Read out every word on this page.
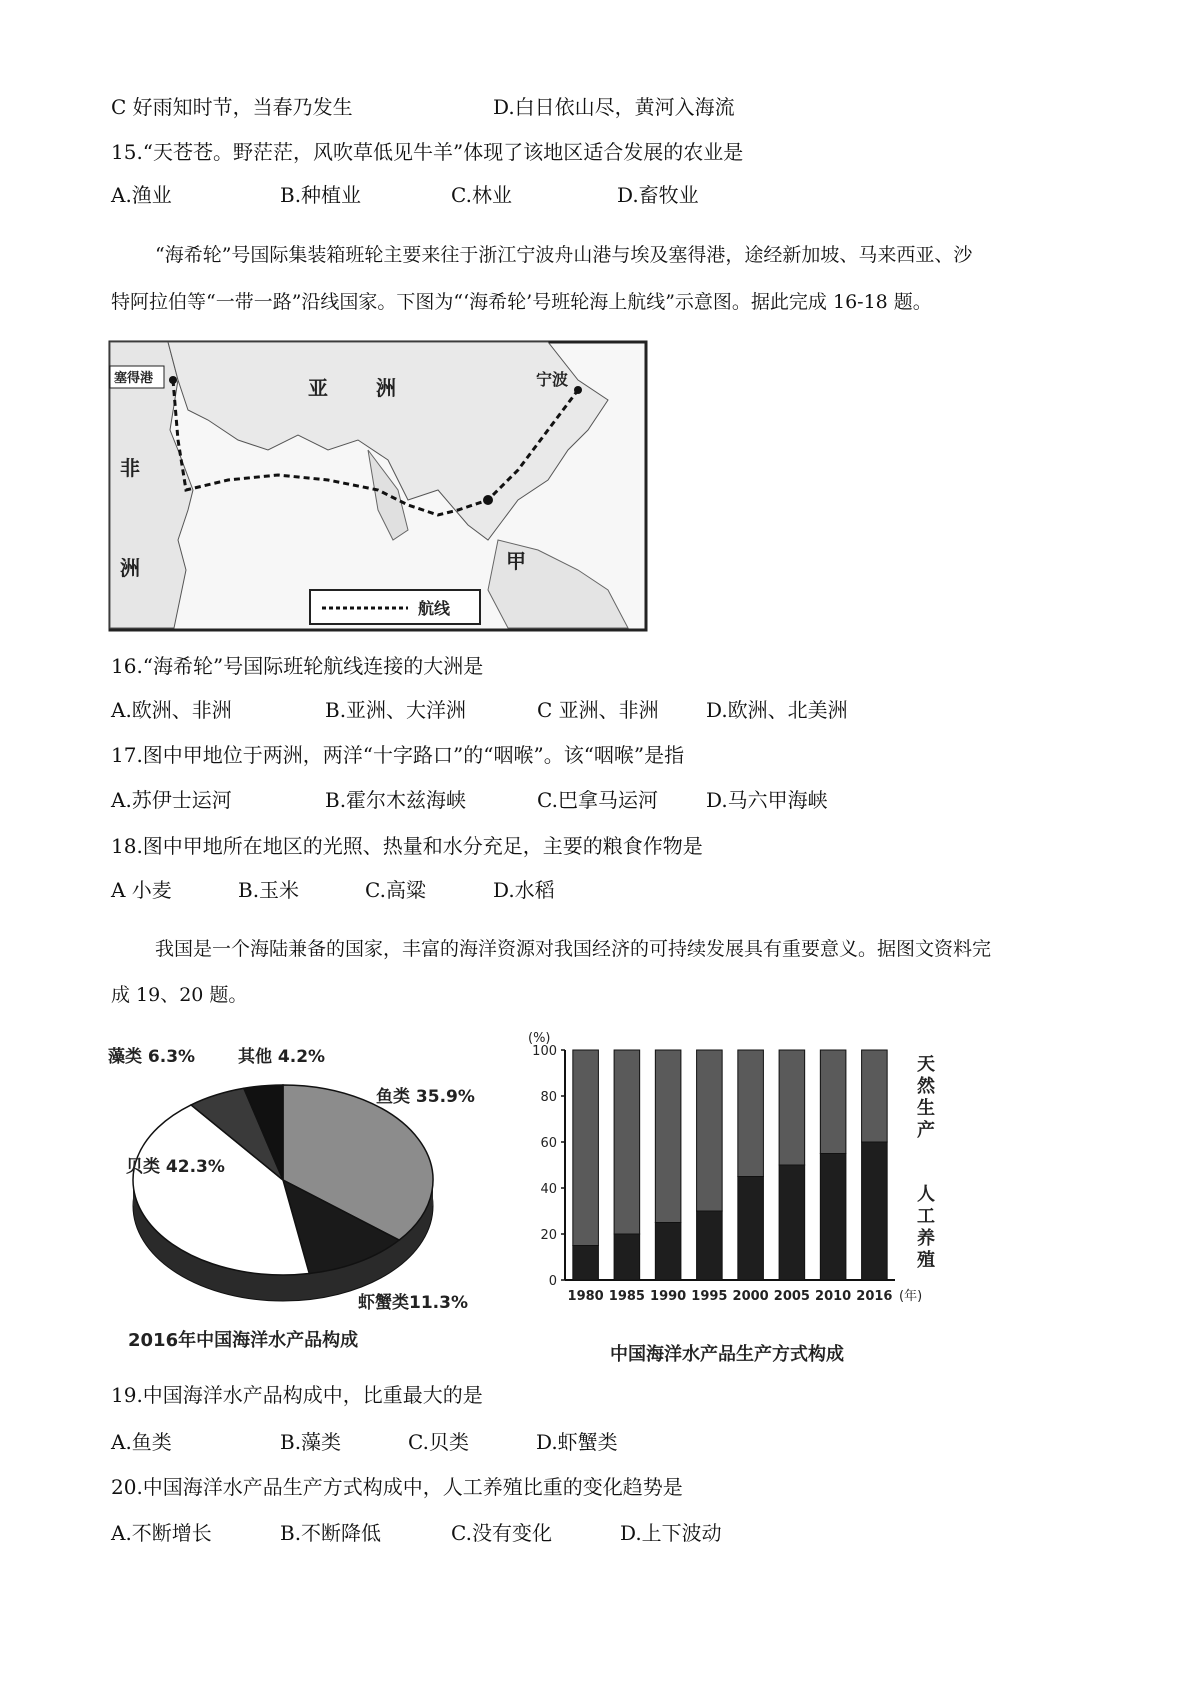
C 好雨知时节，当春乃发生	D.白日依山尽，黄河入海流
15.“天苍苍。野茫茫，风吹草低见牛羊”体现了该地区适合发展的农业是
A.渔业	B.种植业	C.林业	D.畜牧业
“海希轮”号国际集装箱班轮主要来往于浙江宁波舟山港与埃及塞得港，途经新加坡、马来西亚、沙
特阿拉伯等“一带一路”沿线国家。下图为“‘海希轮’号班轮海上航线”示意图。据此完成 16-18 题。
塞得港	亚 洲	宁波
非
洲	甲
航线
16.“海希轮”号国际班轮航线连接的大洲是
A.欧洲、非洲	B.亚洲、大洋洲	C 亚洲、非洲 D.欧洲、北美洲
17.图中甲地位于两洲，两洋“十字路口”的“咽喉”。该“咽喉”是指
A.苏伊士运河	B.霍尔木兹海峡	C.巴拿马运河 D.马六甲海峡
18.图中甲地所在地区的光照、热量和水分充足，主要的粮食作物是
A 小麦	B.玉米	C.高粱	D.水稻
我国是一个海陆兼备的国家，丰富的海洋资源对我国经济的可持续发展具有重要意义。据图文资料完
成 19、20 题。
鱼类 35.9%
虾蟹类11.3%
贝类 42.3%
藻类 6.3%	其他 4.2%
2016年中国海洋水产品构成
(%)
0
20
40
60
80
100
1980 1985 1990 1995 2000 2005 2010 2016 (年)
天
然
生
产
人
工
养
殖
中国海洋水产品生产方式构成
19.中国海洋水产品构成中，比重最大的是
A.鱼类	B.藻类	C.贝类	D.虾蟹类
20.中国海洋水产品生产方式构成中，人工养殖比重的变化趋势是
A.不断增长	B.不断降低	C.没有变化	D.上下波动
